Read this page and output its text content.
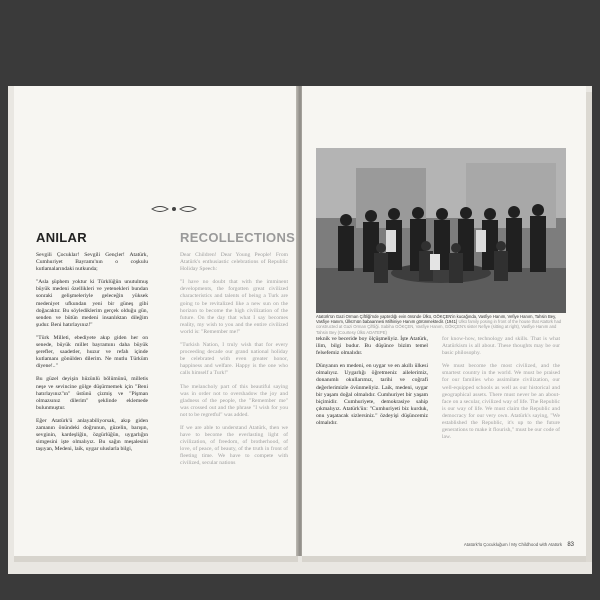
ANILAR	RECOLLECTIONS

Sevgili Çocuklar! Sevgili Gençler! Atatürk, Cumhuriyet Bayramı'nın o coşkulu kutlamalarındaki nutkunda;

"Asla şüphem yoktur ki Türklüğün unutulmuş büyük medeni özellikleri ve yetenekleri bundan sonraki gelişmeleriyle geleceğin yüksek medeniyet ufkundan yeni bir güneş gibi doğacaktır. Bu söylediklerim gerçek olduğu gün, senden ve bütün medeni insanlıktan dileğim şudur. Beni hatırlayınız!"

"Türk Milleti, ebediyete akıp giden her on senede, büyük millet bayramını daha büyük şerefler, saadetler, huzur ve refah içinde kutlamanı gönülden dilerim. Ne mutlu Türküm diyene!.."

Bu güzel deyişin hüzünlü bölümünü, milletis neşe ve sevincine gölge düşürmemek için "Beni hatırlayınız"ın" üstünü çizmiş ve "Pişman olmazsınız dilerim" şeklinde eklemede bulunmuştur.

Eğer Atatürk'ü anlayabiliyorsak, akıp giden zamanın önündeki doğrunun, güzelin, barışın, sevginin, kardeşliğin, özgürlüğün, uygarlığın simgesini işte olmalıyız. Bu sağın meşalesini taşıyan, Medeni, laik, uygar uluslarla bilgi,

Dear Children! Dear Young People! From Atatürk's enthusiastic celebrations of Republic Holiday Speech:

"I have no doubt that with the imminent developments, the forgotten great civilized characteristics and talents of being a Turk are going to be revitalized like a new sun on the horizon to become the high civilization of the future. On the day that what I say becomes reality, my wish to you and the entire civilized world is: "Remember me!"

"Turkish Nation, I truly wish that for every proceeding decade our grand national holiday be celebrated with even greater honor, happiness and welfare. Happy is the one who calls himself a Turk!"

The melancholy part of this beautiful saying was in order not to overshadow the joy and gladness of the people, the "Remember me" was crossed out and the phrase "I wish for you not to be regretful" was added.

If we are able to understand Atatürk, then we have to become the everlasting light of civilization, of freedom, of brotherhood, of love, of peace, of beauty, of the truth in front of fleeting time. We have to compete with civilized, secular nations

Atatürk'ün Gazi Orman Çiftliği'nde yaptırdığı evin önünde Ülkü, GÖKÇEN'in kucağında, Vasfiye Hanım, Vefiye Hanım, Tahsin Bey, Vasfiye Hanım, Ülkü'nün babaannesi Milhiniye Hanım görünmektedir. (1941) Ulkü family posing in front of the house that Atatürk had constructed at Gazi Orman Çiftliği. Sabiha GÖKÇEN, Vasfiye Hanım, GÖKÇEN's sister Nefiye (sitting at right), Vasfiye Hanım and Tahsin Bey (Courtesy Ülkü ADATEPE)

teknik ve beceride boy ölçüşmeliyiz. İşte Atatürk, ilim, bilgi budur. Bu düşünce bizim temel felsefemiz olmalıdır.

Dünyanın en medeni, en uygar ve en akıllı ülkesi olmalıyız. Uygarlığı öğretmeniz ailelerimiz, donanımlı okullarımız, tarihi ve coğrafi değerlerimizle övünmeliyiz. Laik, medeni, uygar bir yaşam doğal olmalıdır. Cumhuriyet bir yaşam biçimidir. Cumhuriyete, demokrasiye sahip çıkmalıyız. Atatürk'ün: "Cumhuriyeti biz kurduk, onu yaşatacak sizlersiniz." özdeyişi düşüncemiz olmalıdır.

for know-how, technology and skills. That is what Atatürkism is all about. These thoughts may be our basic philosophy.

We must become the most civilized, and the smartest country in the world. We must be praised for our families who assimilate civilization, our well-equipped schools as well as our historical and geographical assets. There must never be an about-face on a secular, civilized way of life. The Republic is our way of life. We must claim the Republic and democracy for our very own. Atatürk's saying, "We established the Republic, it's up to the future generations to make it flourish," must be our code of law.

Atatürk'lü Çocukluğum / My Childhood with Atatürk 83
